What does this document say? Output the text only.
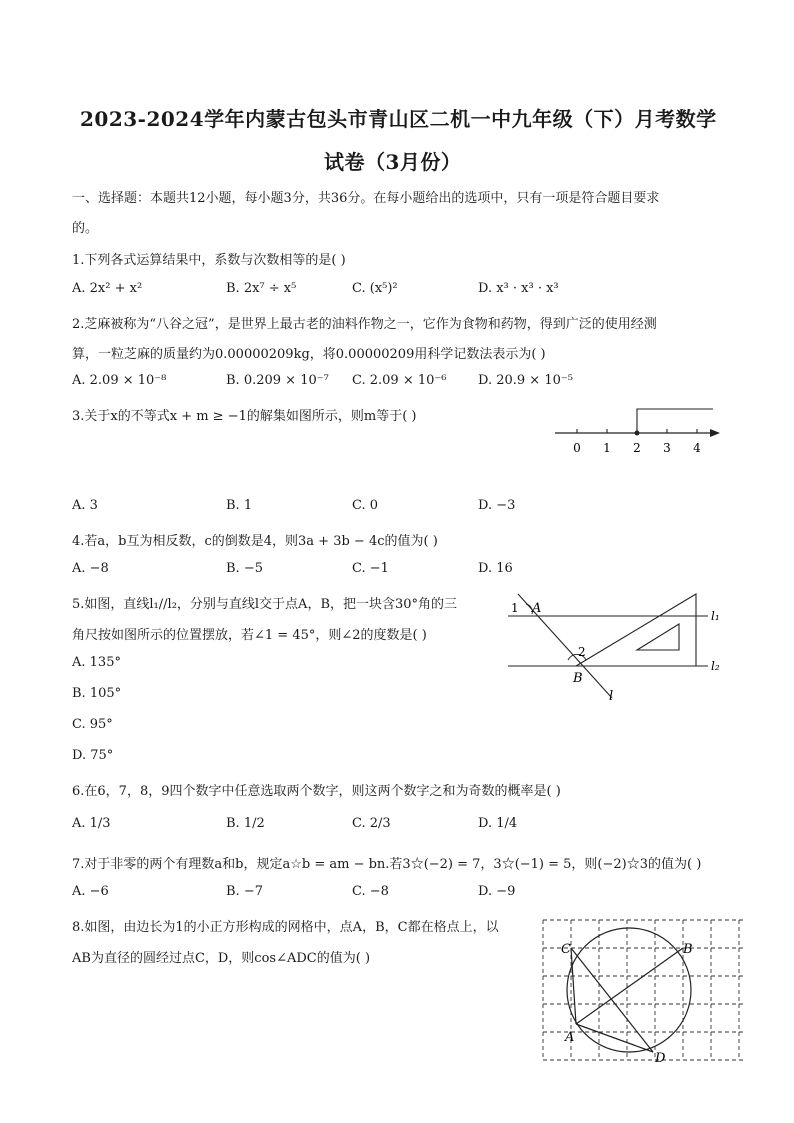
2023-2024学年内蒙古包头市青山区二机一中九年级（下）月考数学
试卷（3月份）
一、选择题：本题共12小题，每小题3分，共36分。在每小题给出的选项中，只有一项是符合题目要求
的。
1.下列各式运算结果中，系数与次数相等的是( )
A. 2x² + x²	B. 2x⁷ ÷ x⁵	C. (x⁵)²	D. x³ · x³ · x³
2.芝麻被称为“八谷之冠”，是世界上最古老的油料作物之一，它作为食物和药物，得到广泛的使用经测
算，一粒芝麻的质量约为0.00000209kg，将0.00000209用科学记数法表示为( )
A. 2.09 × 10⁻⁸	B. 0.209 × 10⁻⁷ C. 2.09 × 10⁻⁶ D. 20.9 × 10⁻⁵
3.关于x的不等式x + m ≥ −1的解集如图所示，则m等于( )
0 1 2 3 4
A. 3	B. 1	C. 0	D. −3
4.若a，b互为相反数，c的倒数是4，则3a + 3b − 4c的值为( )
A. −8	B. −5	C. −1	D. 16
5.如图，直线l₁//l₂，分别与直线l交于点A，B，把一块含30°角的三
角尺按如图所示的位置摆放，若∠1 = 45°，则∠2的度数是( )
1 A
2
B
l
l₁
l₂
A. 135°
B. 105°
C. 95°
D. 75°
6.在6，7，8，9四个数字中任意选取两个数字，则这两个数字之和为奇数的概率是( )
A. 1/3	B. 1/2	C. 2/3	D. 1/4
7.对于非零的两个有理数a和b，规定a☆b = am − bn.若3☆(−2) = 7，3☆(−1) = 5，则(−2)☆3的值为( )
A. −6	B. −7	C. −8	D. −9
8.如图，由边长为1的小正方形构成的网格中，点A，B，C都在格点上，以
AB为直径的圆经过点C，D，则cos∠ADC的值为( )
C	B
A
D
